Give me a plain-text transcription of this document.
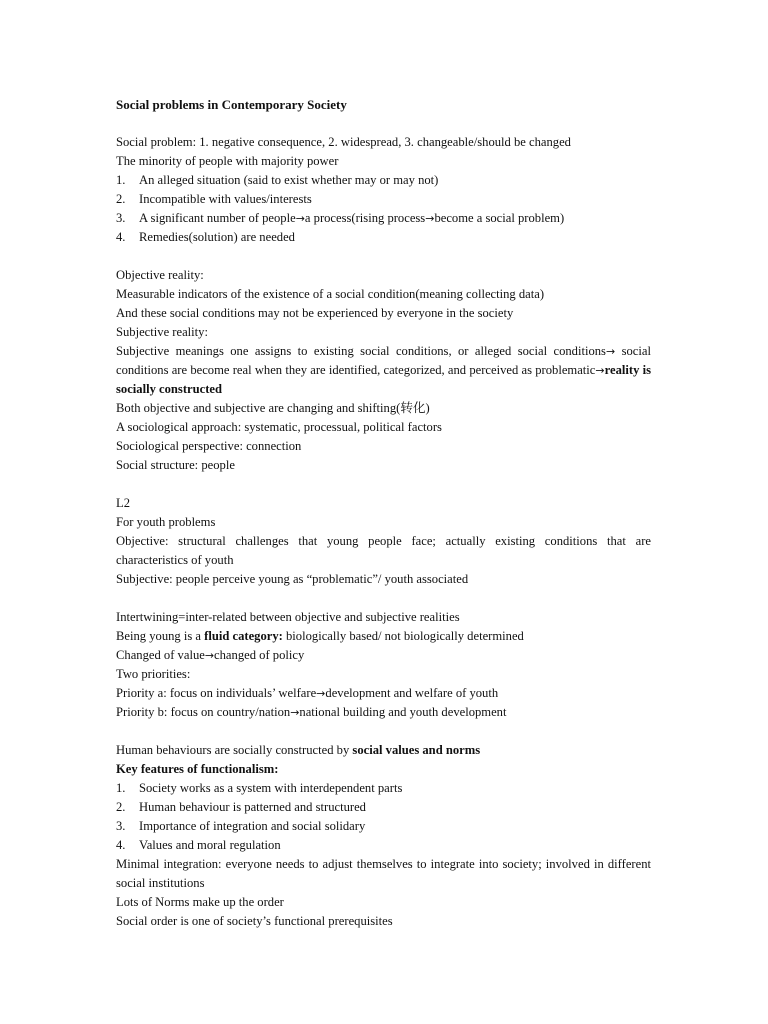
Social problems in Contemporary Society
Social problem: 1. negative consequence, 2. widespread, 3. changeable/should be changed
The minority of people with majority power
1. An alleged situation (said to exist whether may or may not)
2. Incompatible with values/interests
3. A significant number of people→a process(rising process→become a social problem)
4. Remedies(solution) are needed
Objective reality:
Measurable indicators of the existence of a social condition(meaning collecting data)
And these social conditions may not be experienced by everyone in the society
Subjective reality:
Subjective meanings one assigns to existing social conditions, or alleged social conditions→ social conditions are become real when they are identified, categorized, and perceived as problematic→reality is socially constructed
Both objective and subjective are changing and shifting(转化)
A sociological approach: systematic, processual, political factors
Sociological perspective: connection
Social structure: people
L2
For youth problems
Objective: structural challenges that young people face; actually existing conditions that are characteristics of youth
Subjective: people perceive young as “problematic”/ youth associated
Intertwining=inter-related between objective and subjective realities
Being young is a fluid category: biologically based/ not biologically determined
Changed of value→changed of policy
Two priorities:
Priority a: focus on individuals’ welfare→development and welfare of youth
Priority b: focus on country/nation→national building and youth development
Human behaviours are socially constructed by social values and norms
Key features of functionalism:
1. Society works as a system with interdependent parts
2. Human behaviour is patterned and structured
3. Importance of integration and social solidary
4. Values and moral regulation
Minimal integration: everyone needs to adjust themselves to integrate into society; involved in different social institutions
Lots of Norms make up the order
Social order is one of society’s functional prerequisites
